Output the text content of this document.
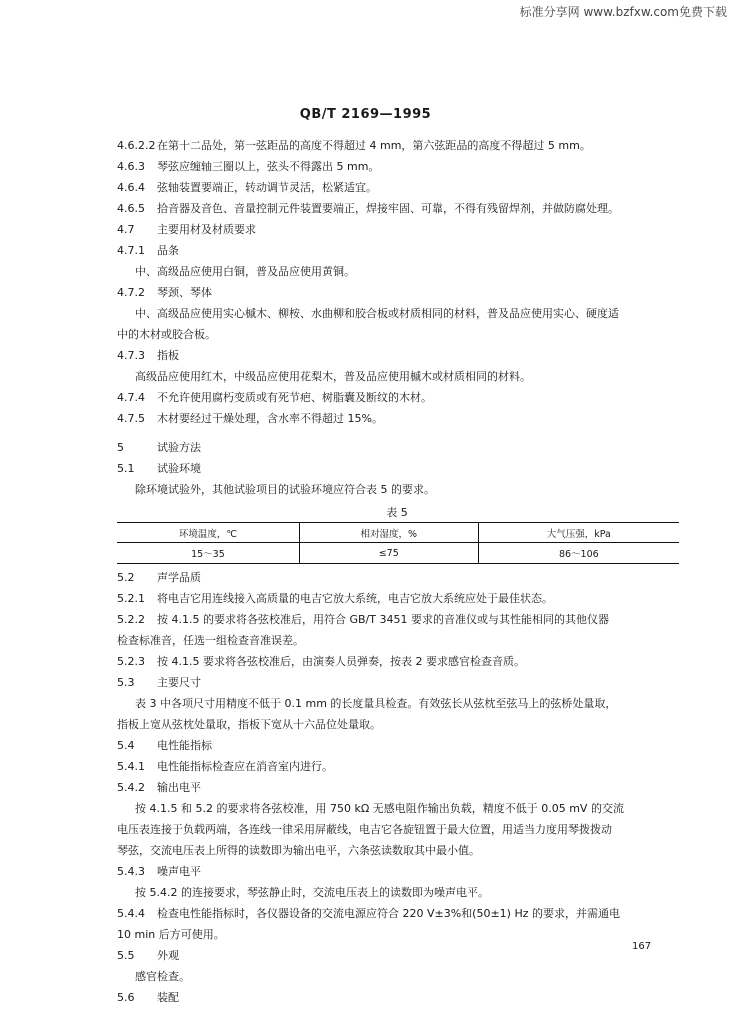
标准分享网 www.bzfxw.com免费下载
QB/T 2169—1995
4.6.2.2 在第十二品处，第一弦距品的高度不得超过 4 mm，第六弦距品的高度不得超过 5 mm。
4.6.3 琴弦应缠轴三圈以上，弦头不得露出 5 mm。
4.6.4 弦轴装置要端正，转动调节灵活，松紧适宜。
4.6.5 拾音器及音色、音量控制元件装置要端正，焊接牢固、可靠，不得有残留焊剂，并做防腐处理。
4.7 主要用材及材质要求
4.7.1 品条
中、高级品应使用白铜，普及品应使用黄铜。
4.7.2 琴颈、琴体
中、高级品应使用实心槭木、柳桉、水曲柳和胶合板或材质相同的材料，普及品应使用实心、硬度适
中的木材或胶合板。
4.7.3 指板
高级品应使用红木，中级品应使用花梨木，普及品应使用槭木或材质相同的材料。
4.7.4 不允许使用腐朽变质或有死节疤、树脂囊及断纹的木材。
4.7.5 木材要经过干燥处理，含水率不得超过 15%。
5	试验方法
5.1 试验环境
除环境试验外，其他试验项目的试验环境应符合表 5 的要求。
表 5
环境温度，℃	相对湿度，%	大气压强，kPa
15～35	≤75	86～106
5.2 声学品质
5.2.1 将电吉它用连线接入高质量的电吉它放大系统，电吉它放大系统应处于最佳状态。
5.2.2 按 4.1.5 的要求将各弦校准后，用符合 GB/T 3451 要求的音准仪或与其性能相同的其他仪器
检查标准音，任选一组检查音准误差。
5.2.3 按 4.1.5 要求将各弦校准后，由演奏人员弹奏，按表 2 要求感官检查音质。
5.3 主要尺寸
表 3 中各项尺寸用精度不低于 0.1 mm 的长度量具检查。有效弦长从弦枕至弦马上的弦桥处量取，
指板上宽从弦枕处量取，指板下宽从十六品位处量取。
5.4 电性能指标
5.4.1 电性能指标检查应在消音室内进行。
5.4.2 输出电平
按 4.1.5 和 5.2 的要求将各弦校准，用 750 kΩ 无感电阻作输出负载，精度不低于 0.05 mV 的交流
电压表连接于负载两端，各连线一律采用屏蔽线，电吉它各旋钮置于最大位置，用适当力度用琴拨拨动
琴弦，交流电压表上所得的读数即为输出电平，六条弦读数取其中最小值。
5.4.3 噪声电平
按 5.4.2 的连接要求，琴弦静止时，交流电压表上的读数即为噪声电平。
5.4.4 检查电性能指标时，各仪器设备的交流电源应符合 220 V±3%和(50±1) Hz 的要求，并需通电
10 min 后方可使用。
5.5 外观
感官检查。
5.6 装配
167
